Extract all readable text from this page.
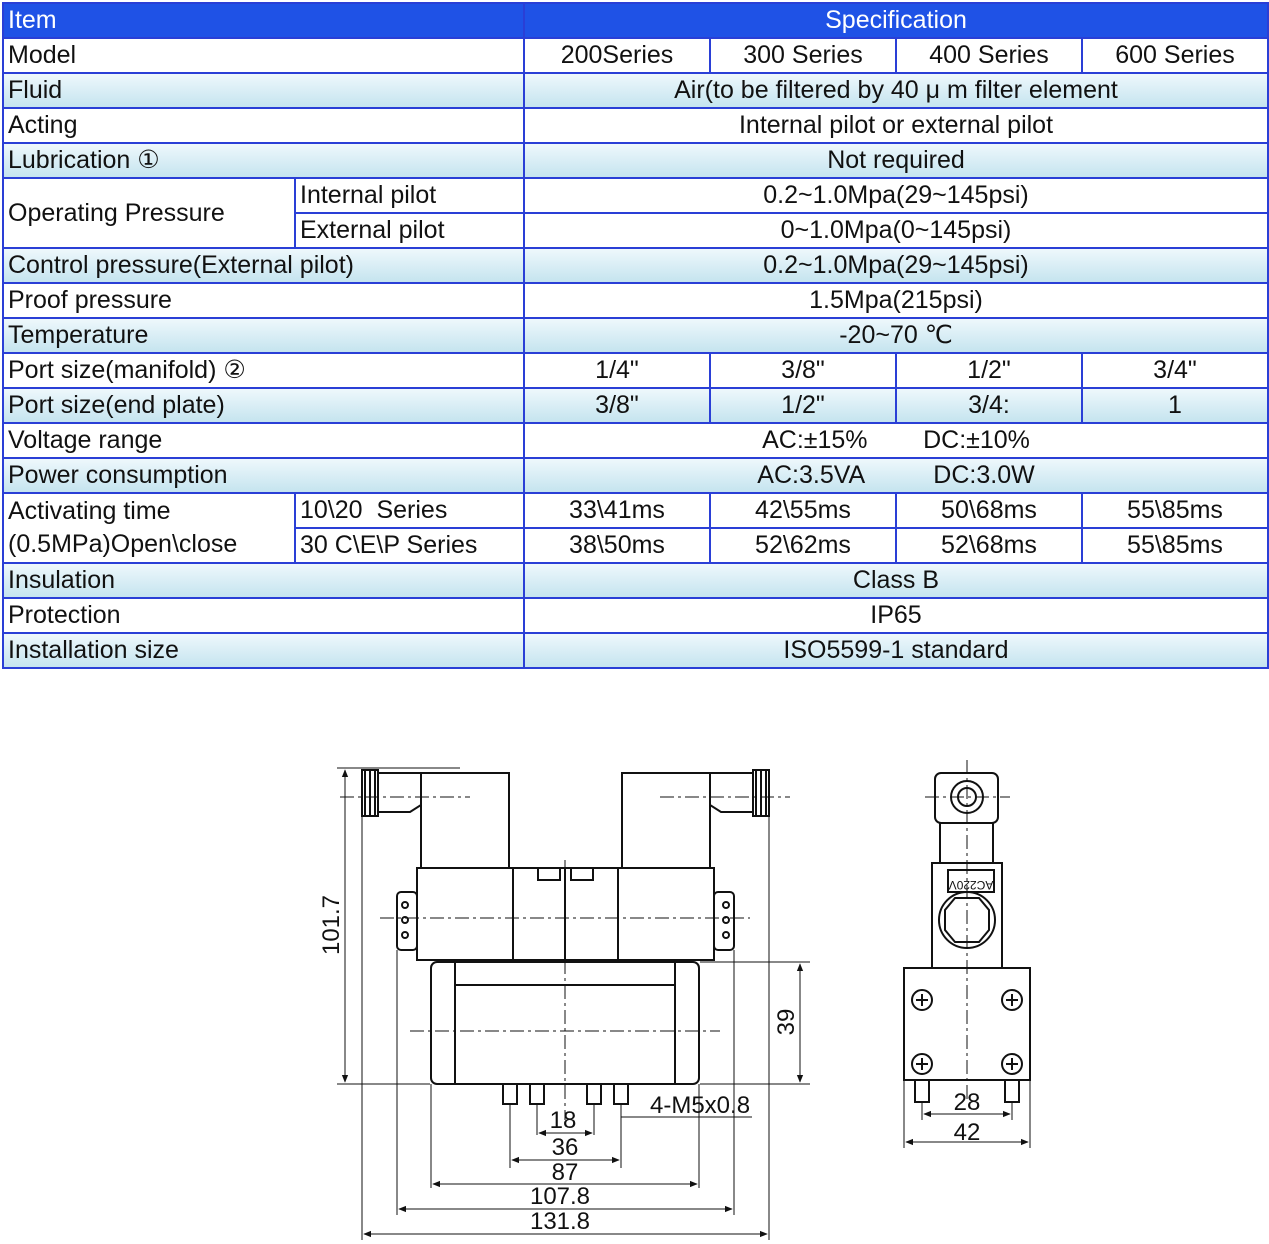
Item		Specification			
Model		200Series	300 Series	400 Series	600 Series
Fluid		Air(to be filtered by 40 μ m filter element			
Acting		Internal pilot or external pilot			
Lubrication ①		Not required			
Operating Pressure	Internal pilot	0.2~1.0Mpa(29~145psi)			
	External pilot	0~1.0Mpa(0~145psi)			
Control pressure(External pilot)		0.2~1.0Mpa(29~145psi)			
Proof pressure		1.5Mpa(215psi)			
Temperature		-20~70 ℃			
Port size(manifold) ②		1/4"	3/8"	1/2"	3/4"
Port size(end plate)		3/8"	1/2"	3/4:	1
Voltage range		AC:±15%        DC:±10%			
Power consumption		AC:3.5VA          DC:3.0W			

Activating time
(0.5MPa)Open\close	10\20  Series	33\41ms	42\55ms	50\68ms	55\85ms
	30 C\E\P Series	38\50ms	52\62ms	52\68ms	55\85ms
Insulation		Class B			
Protection		IP65			
Installation size		ISO5599-1 standard			
101.7
39
4-M5x0.8
18
36
87
107.8
131.8
AC220V
28
42
